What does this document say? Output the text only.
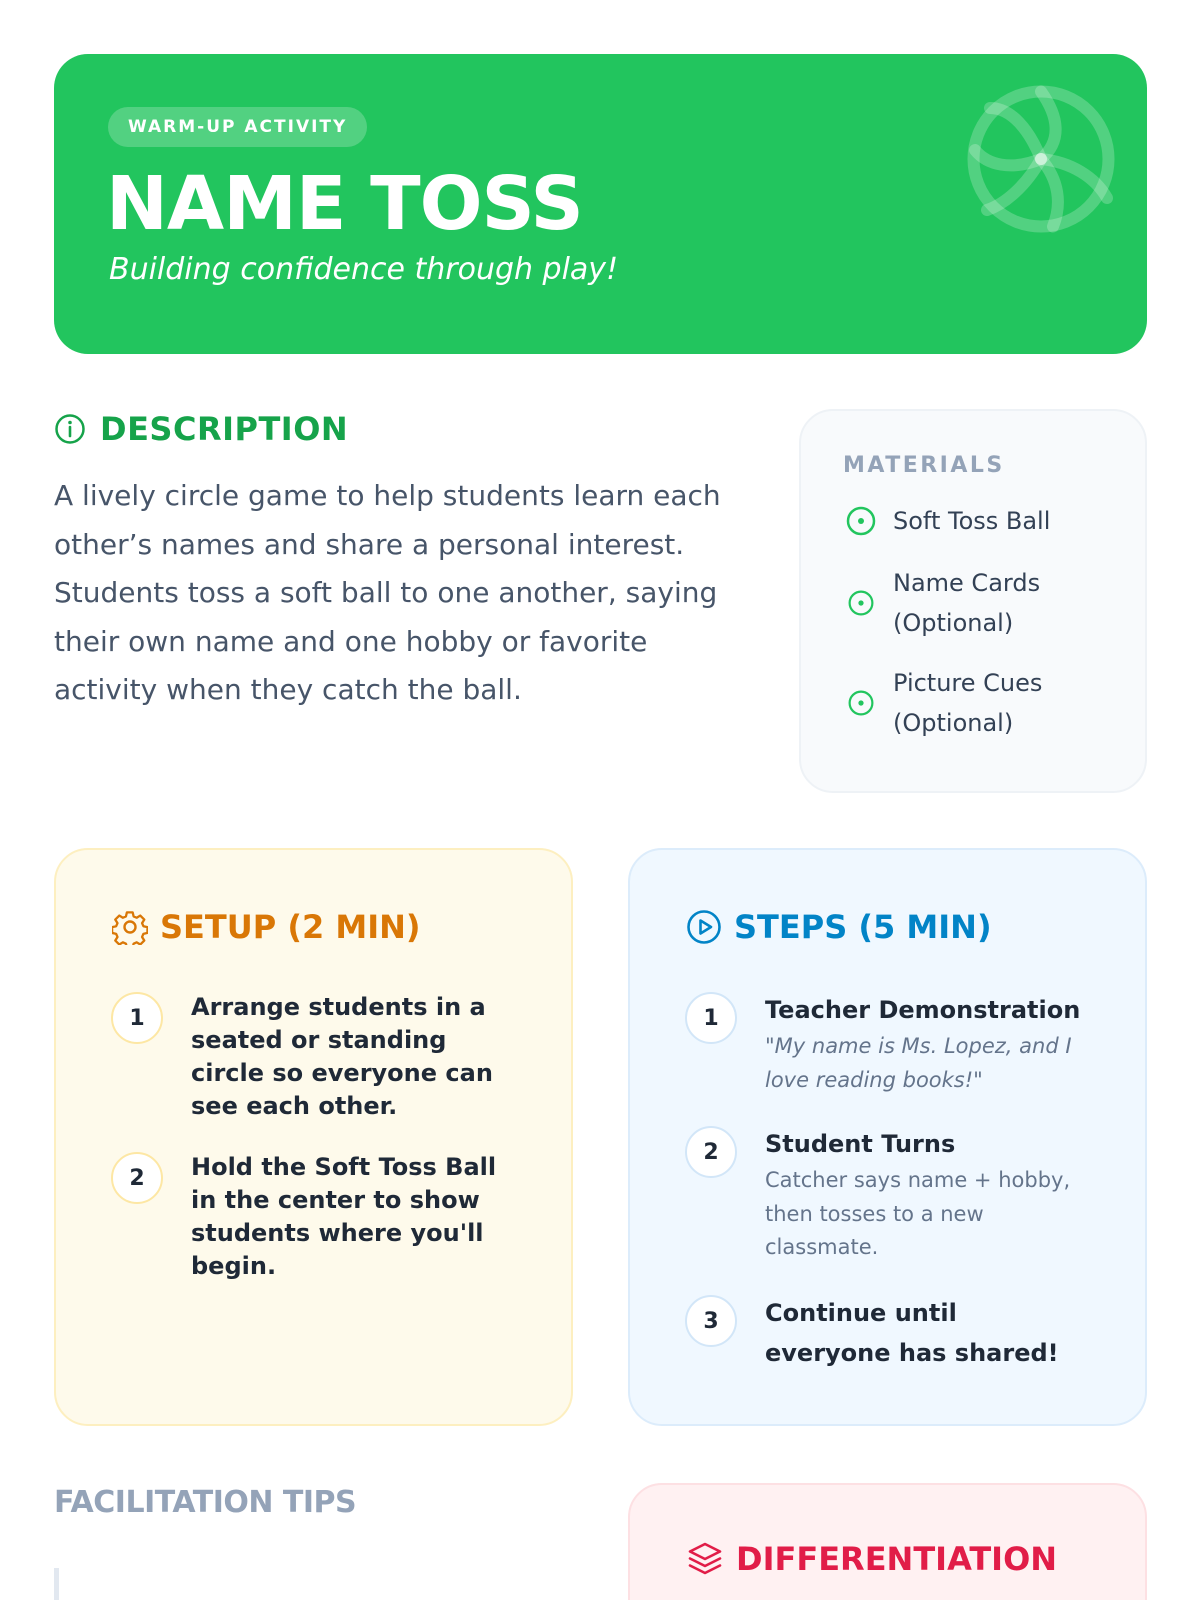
WARM-UP ACTIVITY
NAME TOSS
Building confidence through play!
DESCRIPTION

A lively circle game to help students learn each other’s names and share a personal interest. Students toss a soft ball to one another, saying their own name and one hobby or favorite activity when they catch the ball.

MATERIALS
Soft Toss Ball
Name Cards (Optional)
Picture Cues (Optional)
SETUP (2 MIN)
1	Arrange students in a seated or standing circle so everyone can see each other.

2	Hold the Soft Toss Ball in the center to show students where you'll begin.

STEPS (5 MIN)
1	Teacher Demonstration

"My name is Ms. Lopez, and I love reading books!"

2	Student Turns

Catcher says name + hobby, then tosses to a new classmate.

3	Continue until everyone has shared!

FACILITATION TIPS
DIFFERENTIATION
